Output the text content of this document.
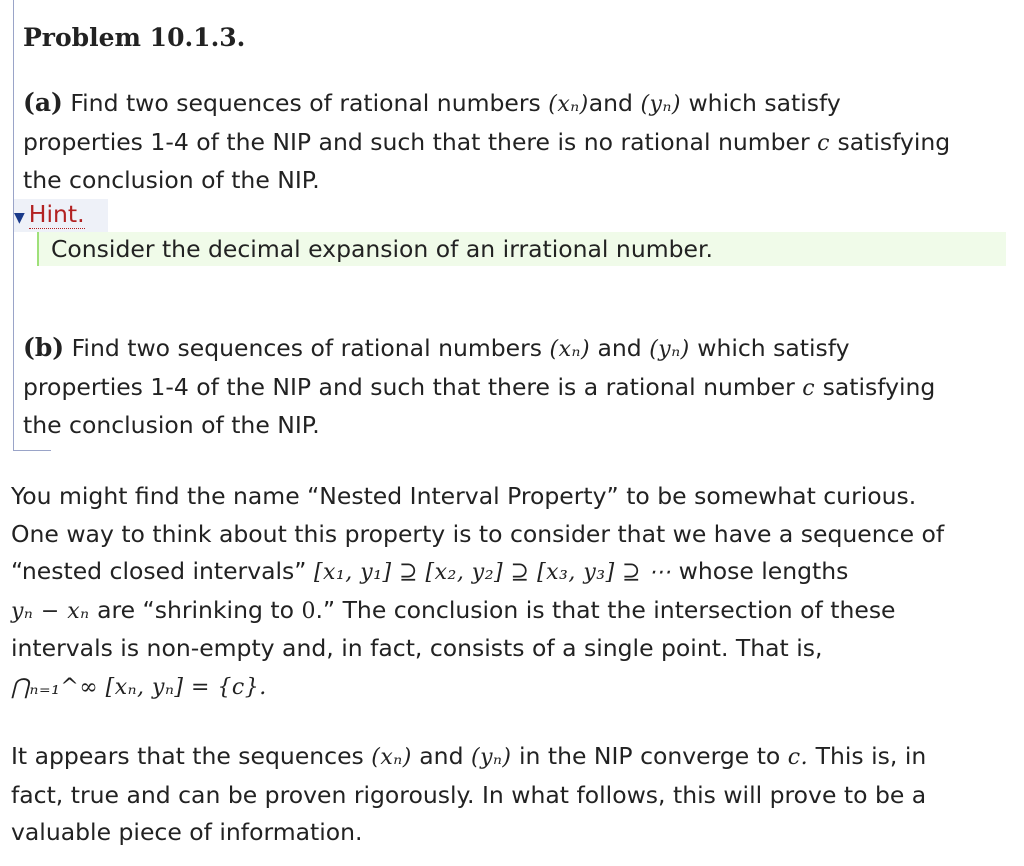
Problem 10.1.3.
(a) Find two sequences of rational numbers (xₙ)and (yₙ) which satisfy
properties 1-4 of the NIP and such that there is no rational number c satisfying
the conclusion of the NIP.
(b) Find two sequences of rational numbers (xₙ) and (yₙ) which satisfy
properties 1-4 of the NIP and such that there is a rational number c satisfying
the conclusion of the NIP.
▼ Hint.
Consider the decimal expansion of an irrational number.
You might find the name “Nested Interval Property” to be somewhat curious.
One way to think about this property is to consider that we have a sequence of
“nested closed intervals” [x₁, y₁] ⊇ [x₂, y₂] ⊇ [x₃, y₃] ⊇ ⋯ whose lengths
yₙ − xₙ are “shrinking to 0.” The conclusion is that the intersection of these
intervals is non-empty and, in fact, consists of a single point. That is,
⋂ₙ₌₁^∞ [xₙ, yₙ] = {c}.
It appears that the sequences (xₙ) and (yₙ) in the NIP converge to c. This is, in
fact, true and can be proven rigorously. In what follows, this will prove to be a
valuable piece of information.
